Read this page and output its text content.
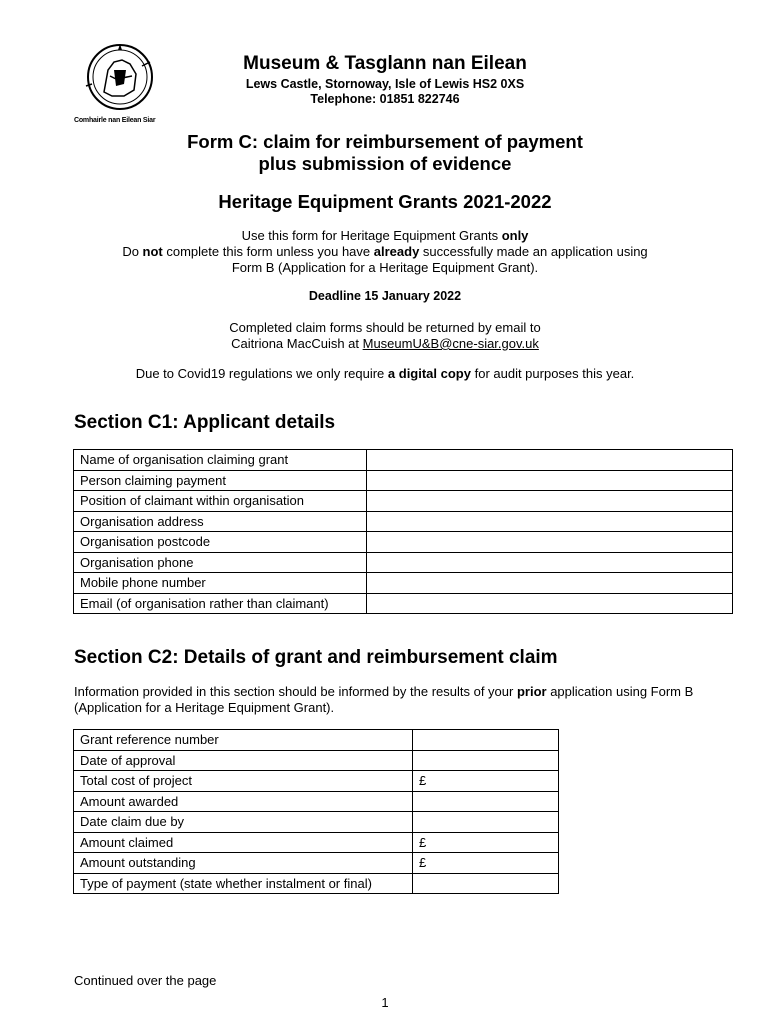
Comhairle nan Eilean Siar
Museum & Tasglann nan Eilean
Lews Castle, Stornoway, Isle of Lewis HS2 0XS
Telephone: 01851 822746
Form C: claim for reimbursement of payment
plus submission of evidence
Heritage Equipment Grants 2021-2022
Use this form for Heritage Equipment Grants only
Do not complete this form unless you have already successfully made an application using
Form B (Application for a Heritage Equipment Grant).
Deadline 15 January 2022
Completed claim forms should be returned by email to
Caitriona MacCuish at MuseumU&B@cne-siar.gov.uk
Due to Covid19 regulations we only require a digital copy for audit purposes this year.
Section C1: Applicant details
Name of organisation claiming grant	
Person claiming payment	
Position of claimant within organisation	
Organisation address	
Organisation postcode	
Organisation phone	
Mobile phone number	
Email (of organisation rather than claimant)	
Section C2: Details of grant and reimbursement claim
Information provided in this section should be informed by the results of your prior application using Form B (Application for a Heritage Equipment Grant).
Grant reference number	
Date of approval	
Total cost of project	£
Amount awarded	
Date claim due by	
Amount claimed	£
Amount outstanding	£
Type of payment (state whether instalment or final)	
Continued over the page
1
